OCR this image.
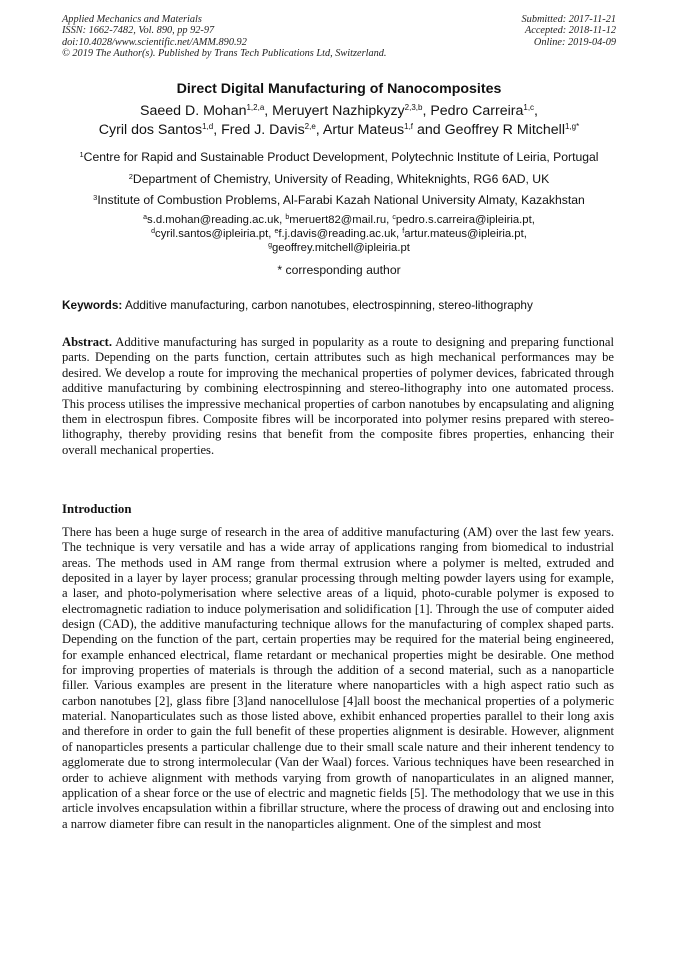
Applied Mechanics and Materials
ISSN: 1662-7482, Vol. 890, pp 92-97
doi:10.4028/www.scientific.net/AMM.890.92
© 2019 The Author(s). Published by Trans Tech Publications Ltd, Switzerland.
Submitted: 2017-11-21
Accepted: 2018-11-12
Online: 2019-04-09
Direct Digital Manufacturing of Nanocomposites
Saeed D. Mohan$^{1,2,a}$, Meruyert Nazhipkyzy$^{2,3,b}$, Pedro Carreira$^{1,c}$,
Cyril dos Santos$^{1,d}$, Fred J. Davis$^{2,e}$, Artur Mateus$^{1,f}$ and Geoffrey R Mitchell$^{1,g*}$
$^1$Centre for Rapid and Sustainable Product Development, Polytechnic Institute of Leiria, Portugal
$^2$Department of Chemistry, University of Reading, Whiteknights, RG6 6AD, UK
$^3$Institute of Combustion Problems, Al-Farabi Kazah National University Almaty, Kazakhstan
$^a$s.d.mohan@reading.ac.uk, $^b$meruert82@mail.ru, $^c$pedro.s.carreira@ipleiria.pt,
$^d$cyril.santos@ipleiria.pt, $^e$f.j.davis@reading.ac.uk, $^f$artur.mateus@ipleiria.pt,
$^g$geoffrey.mitchell@ipleiria.pt
* corresponding author
Keywords: Additive manufacturing, carbon nanotubes, electrospinning, stereo-lithography
Abstract. Additive manufacturing has surged in popularity as a route to designing and preparing functional parts. Depending on the parts function, certain attributes such as high mechanical performances may be desired. We develop a route for improving the mechanical properties of polymer devices, fabricated through additive manufacturing by combining electrospinning and stereo-lithography into one automated process. This process utilises the impressive mechanical properties of carbon nanotubes by encapsulating and aligning them in electrospun fibres. Composite fibres will be incorporated into polymer resins prepared with stereo-lithography, thereby providing resins that benefit from the composite fibres properties, enhancing their overall mechanical properties.
Introduction
There has been a huge surge of research in the area of additive manufacturing (AM) over the last few years. The technique is very versatile and has a wide array of applications ranging from biomedical to industrial areas. The methods used in AM range from thermal extrusion where a polymer is melted, extruded and deposited in a layer by layer process; granular processing through melting powder layers using for example, a laser, and photo-polymerisation where selective areas of a liquid, photo-curable polymer is exposed to electromagnetic radiation to induce polymerisation and solidification [1]. Through the use of computer aided design (CAD), the additive manufacturing technique allows for the manufacturing of complex shaped parts. Depending on the function of the part, certain properties may be required for the material being engineered, for example enhanced electrical, flame retardant or mechanical properties might be desirable. One method for improving properties of materials is through the addition of a second material, such as a nanoparticle filler. Various examples are present in the literature where nanoparticles with a high aspect ratio such as carbon nanotubes [2], glass fibre [3]and nanocellulose [4]all boost the mechanical properties of a polymeric material. Nanoparticulates such as those listed above, exhibit enhanced properties parallel to their long axis and therefore in order to gain the full benefit of these properties alignment is desirable. However, alignment of nanoparticles presents a particular challenge due to their small scale nature and their inherent tendency to agglomerate due to strong intermolecular (Van der Waal) forces. Various techniques have been researched in order to achieve alignment with methods varying from growth of nanoparticulates in an aligned manner, application of a shear force or the use of electric and magnetic fields [5]. The methodology that we use in this article involves encapsulation within a fibrillar structure, where the process of drawing out and enclosing into a narrow diameter fibre can result in the nanoparticles alignment. One of the simplest and most
